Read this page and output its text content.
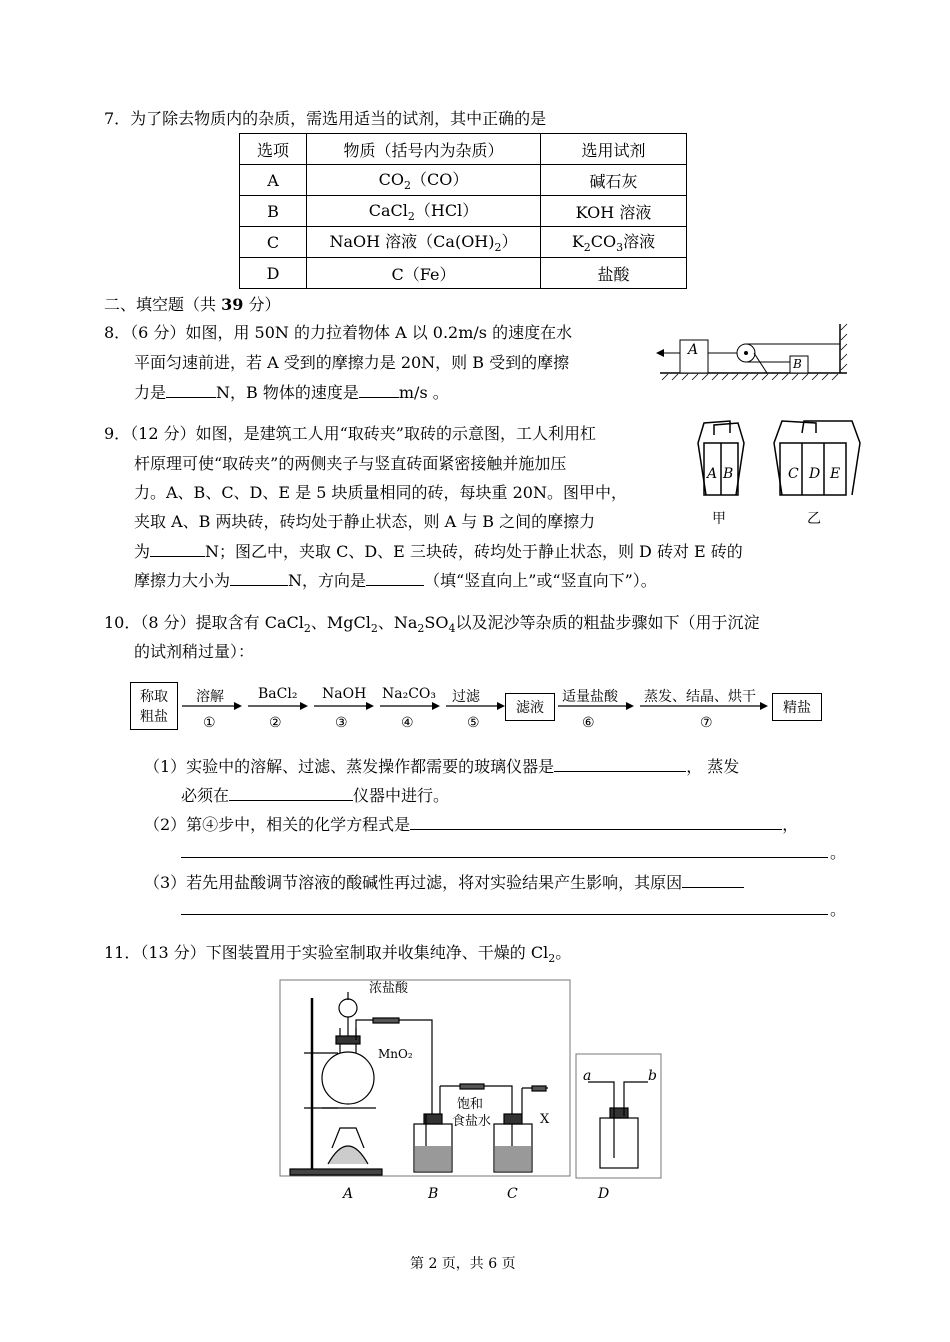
7．为了除去物质内的杂质，需选用适当的试剂，其中正确的是
选项	物质（括号内为杂质）	选用试剂
A	$CO_2(CO)$	碱石灰
B	CaCl$_2$（HCl）	KOH 溶液
C	NaOH 溶液$(Ca(OH)_2)$	$K_2CO_3$溶液
D	C（Fe）	盐酸
二、填空题（共 39 分）
8．（6 分）如图，用 50N 的力拉着物体 A 以 0.2m/s 的速度在水
平面匀速前进，若 A 受到的摩擦力是 20N，则 B 受到的摩擦
力是	N，B 物体的速度是	m/s 。
A
B
9．（12 分）如图，是建筑工人用“取砖夹”取砖的示意图，工人利用杠
杆原理可使“取砖夹”的两侧夹子与竖直砖面紧密接触并施加压
力。A、B、C、D、E 是 5 块质量相同的砖，每块重 20N。图甲中，
夹取 A、B 两块砖，砖均处于静止状态，则 A 与 B 之间的摩擦力
为	N；图乙中，夹取 C、D、E 三块砖，砖均处于静止状态，则 D 砖对 E 砖的
摩擦力大小为	N，方向是	（填“竖直向上”或“竖直向下”）。
A B	C D E
甲	乙
10．（8 分）提取含有 CaCl$_2$、MgCl$_2$、$Na_2SO_4$以及泥沙等杂质的粗盐步骤如下（用于沉淀
的试剂稍过量）：
称取
粗盐
溶解
①
BaCl₂
②
NaOH
③
Na₂CO₃
④
过滤
⑤
滤液
适量盐酸
⑥
蒸发、结晶、烘干
⑦
精盐
（1）实验中的溶解、过滤、蒸发操作都需要的玻璃仪器是	， 蒸发
必须在	仪器中进行。
（2）第④步中，相关的化学方程式是	，
。
（3）若先用盐酸调节溶液的酸碱性再过滤，将对实验结果产生影响，其原因
。
11．（13 分）下图装置用于实验室制取并收集纯净、干燥的 $Cl_2$。
浓盐酸
MnO₂
饱和
食盐水	X
a	b
A	B	C	D
第 2 页，共 6 页
